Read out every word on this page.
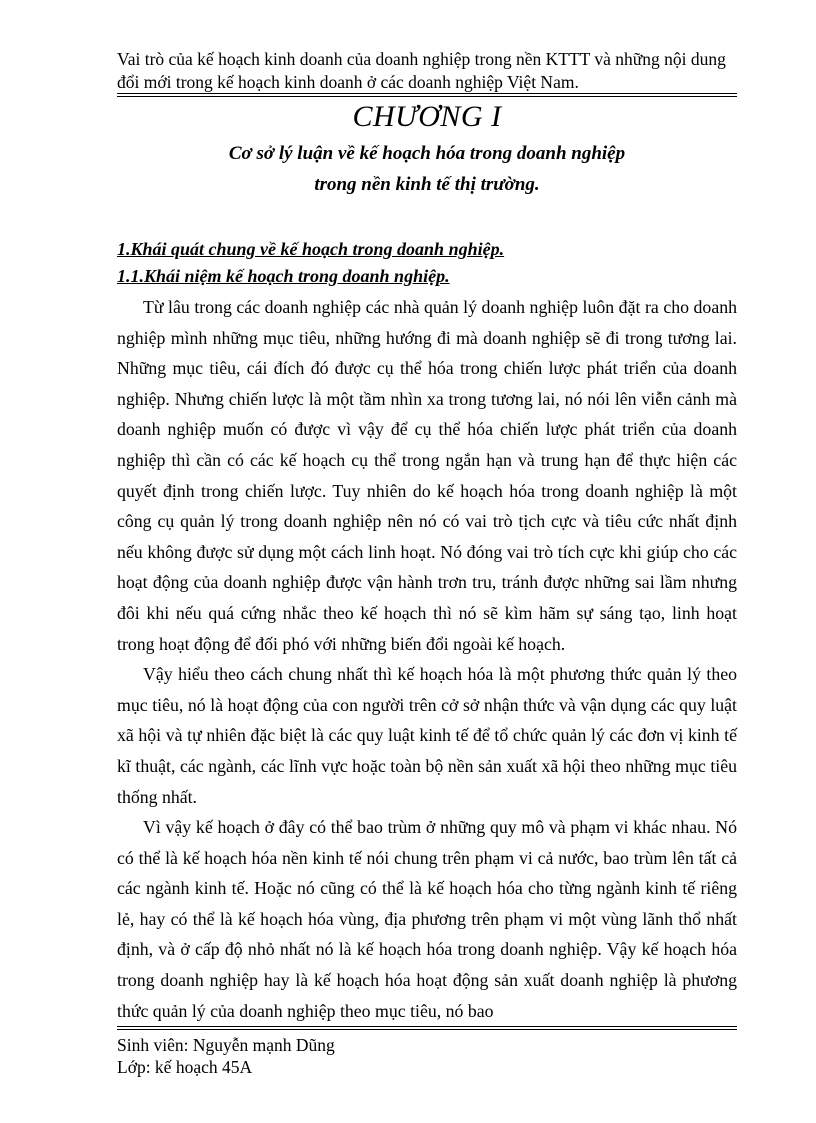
Vai trò của kế hoạch kinh doanh của doanh nghiệp trong nền KTTT và những nội dung đổi mới trong kế hoạch kinh doanh ở các doanh nghiệp Việt Nam.
CHƯƠNG I
Cơ sở lý luận về kế hoạch hóa trong doanh nghiệp
trong nền kinh tế thị trường.
1.Khái quát chung về kế hoạch trong doanh nghiệp.
1.1.Khái niệm kế hoạch trong doanh nghiệp.

Từ lâu trong các doanh nghiệp các nhà quản lý doanh nghiệp luôn đặt ra cho doanh nghiệp mình những mục tiêu, những hướng đi mà doanh nghiệp sẽ đi trong tương lai. Những mục tiêu, cái đích đó được cụ thể hóa trong chiến lược phát triển của doanh nghiệp. Nhưng chiến lược là một tầm nhìn xa trong tương lai, nó nói lên viễn cảnh mà doanh nghiệp muốn có được vì vậy để cụ thể hóa chiến lược phát triển của doanh nghiệp thì cần có các kế hoạch cụ thể trong ngắn hạn và trung hạn để thực hiện các quyết định trong chiến lược. Tuy nhiên do kế hoạch hóa trong doanh nghiệp là một công cụ quản lý trong doanh nghiệp nên nó có vai trò tịch cực và tiêu cức nhất định nếu không được sử dụng một cách linh hoạt. Nó đóng vai trò tích cực khi giúp cho các hoạt động của doanh nghiệp được vận hành trơn tru, tránh được những sai lầm nhưng đôi khi nếu quá cứng nhắc theo kế hoạch thì nó sẽ kìm hãm sự sáng tạo, linh hoạt trong hoạt động để đối phó với những biến đổi ngoài kế hoạch.

Vậy hiểu theo cách chung nhất thì kế hoạch hóa là một phương thức quản lý theo mục tiêu, nó là hoạt động của con người trên cở sở nhận thức và vận dụng các quy luật xã hội và tự nhiên đặc biệt là các quy luật kinh tế để tổ chức quản lý các đơn vị kinh tế kĩ thuật, các ngành, các lĩnh vực hoặc toàn bộ nền sản xuất xã hội theo những mục tiêu thống nhất.

Vì vậy kế hoạch ở đây có thể bao trùm ở những quy mô và phạm vi khác nhau. Nó có thể là kế hoạch hóa nền kinh tế nói chung trên phạm vi cả nước, bao trùm lên tất cả các ngành kinh tế. Hoặc nó cũng có thể là kế hoạch hóa cho từng ngành kinh tế riêng lẻ, hay có thể là kế hoạch hóa vùng, địa phương trên phạm vi một vùng lãnh thổ nhất định, và ở cấp độ nhỏ nhất nó là kế hoạch hóa trong doanh nghiệp. Vậy kế hoạch hóa trong doanh nghiệp hay là kế hoạch hóa hoạt động sản xuất doanh nghiệp là phương thức quản lý của doanh nghiệp theo mục tiêu, nó bao

Sinh viên: Nguyễn mạnh Dũng
Lớp: kế hoạch 45A
